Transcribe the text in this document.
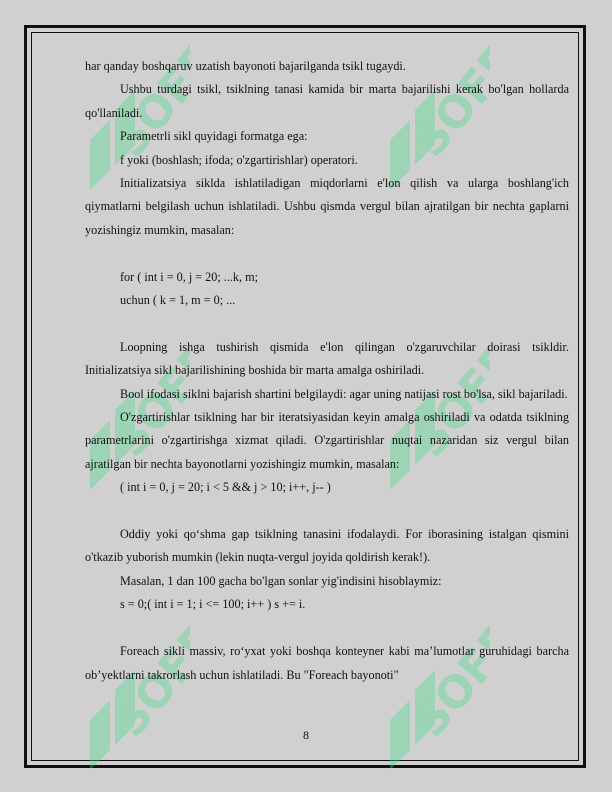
SOFF	SOFF
SOFF	SOFF
SOFF	SOFF

har qanday boshqaruv uzatish bayonoti bajarilganda tsikl tugaydi.

Ushbu turdagi tsikl, tsiklning tanasi kamida bir marta bajarilishi kerak bo'lgan hollarda qo'llaniladi.

Parametrli sikl quyidagi formatga ega:

f yoki (boshlash; ifoda; o'zgartirishlar) operatori.

Initializatsiya siklda ishlatiladigan miqdorlarni e'lon qilish va ularga boshlang'ich qiymatlarni belgilash uchun ishlatiladi. Ushbu qismda vergul bilan ajratilgan bir nechta gaplarni yozishingiz mumkin, masalan:

for ( int i = 0, j = 20; ...k, m;

uchun ( k = 1, m = 0; ...

Loopning ishga tushirish qismida e'lon qilingan o'zgaruvchilar doirasi tsikldir. Initializatsiya sikl bajarilishining boshida bir marta amalga oshiriladi.

Bool ifodasi siklni bajarish shartini belgilaydi: agar uning natijasi rost bo'lsa, sikl bajariladi.

O'zgartirishlar tsiklning har bir iteratsiyasidan keyin amalga oshiriladi va odatda tsiklning parametrlarini o'zgartirishga xizmat qiladi. O'zgartirishlar nuqtai nazaridan siz vergul bilan ajratilgan bir nechta bayonotlarni yozishingiz mumkin, masalan:

( int i = 0, j = 20; i < 5 && j > 10; i++, j-- )

Oddiy yoki qo‘shma gap tsiklning tanasini ifodalaydi. For iborasining istalgan qismini o'tkazib yuborish mumkin (lekin nuqta-vergul joyida qoldirish kerak!).

Masalan, 1 dan 100 gacha bo'lgan sonlar yig'indisini hisoblaymiz:

s = 0;( int i = 1; i <= 100; i++ ) s += i.

Foreach sikli massiv, ro‘yxat yoki boshqa konteyner kabi ma’lumotlar guruhidagi barcha ob’yektlarni takrorlash uchun ishlatiladi. Bu "Foreach bayonoti"

8
